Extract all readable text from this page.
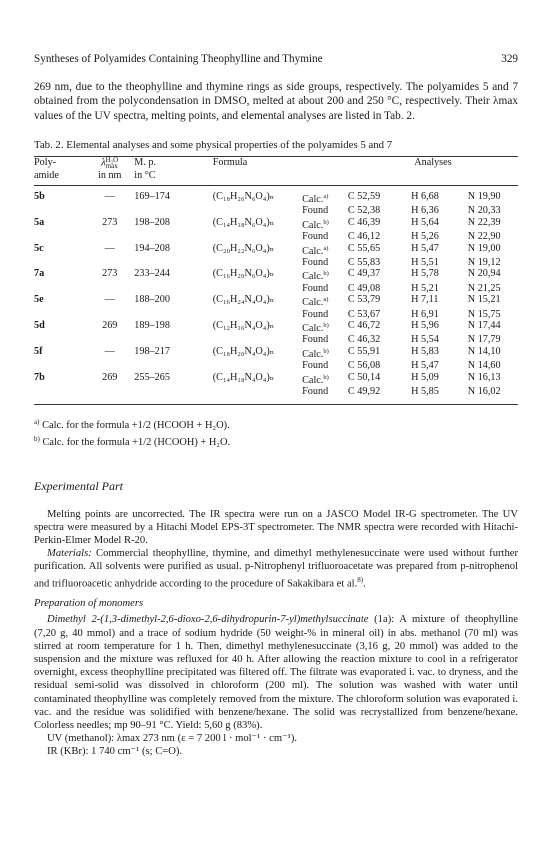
Syntheses of Polyamides Containing Theophylline and Thymine	329

269 nm, due to the theophylline and thymine rings as side groups, respectively. The polyamides 5 and 7 obtained from the polycondensation in DMSO, melted at about 200 and 250 °C, respectively. Their λmax values of the UV spectra, melting points, and elemental analyses are listed in Tab. 2.

Tab. 2. Elemental analyses and some physical properties of the polyamides 5 and 7
Poly-	λ H₂O
max	M. p.	Formula		Analyses		
amide	in nm	in °C					

5b	—	169–174	(C₁₈H₂₆N₆O₄)ₙ	Calc.$^{a)}$	C 52,59	H 6,68	N 19,90
				Found	C 52,38	H 6,36	N 20,33
5a	273	198–208	(C₁₄H₁₈N₆O₄)ₙ	Calc.$^{b)}$	C 46,39	H 5,64	N 22,39
				Found	C 46,12	H 5,26	N 22,90
5c	—	194–208	(C₂₀H₂₂N₆O₄)ₙ	Calc.$^{a)}$	C 55,65	H 5,47	N 19,00
				Found	C 55,83	H 5,51	N 19,12
7a	273	233–244	(C₁₆H₂₀N₆O₄)ₙ	Calc.$^{b)}$	C 49,37	H 5,78	N 20,94
				Found	C 49,08	H 5,21	N 21,25
5e	—	188–200	(C₁₆H₂₄N₄O₄)ₙ	Calc.$^{a)}$	C 53,79	H 7,11	N 15,21
				Found	C 53,67	H 6,91	N 15,75
5d	269	189–198	(C₁₂H₁₆N₄O₄)ₙ	Calc.$^{b)}$	C 46,72	H 5,96	N 17,44
				Found	C 46,32	H 5,54	N 17,79
5f	—	198–217	(C₁₈H₂₀N₄O₄)ₙ	Calc.$^{b)}$	C 55,91	H 5,83	N 14,10
				Found	C 56,08	H 5,47	N 14,60
7b	269	255–265	(C₁₄H₁₈N₄O₄)ₙ	Calc.$^{b)}$	C 50,14	H 5,09	N 16,13
				Found	C 49,92	H 5,85	N 16,02
$^{a)}$ Calc. for the formula +1/2 (HCOOH + H₂O).
$^{b)}$ Calc. for the formula +1/2 (HCOOH) + H₂O.
Experimental Part

Melting points are uncorrected. The IR spectra were run on a JASCO Model IR-G spectrometer. The UV spectra were measured by a Hitachi Model EPS-3T spectrometer. The NMR spectra were recorded with Hitachi-Perkin-Elmer Model R-20.

Materials: Commercial theophylline, thymine, and dimethyl methylenesuccinate were used without further purification. All solvents were purified as usual. p-Nitrophenyl trifluoroacetate was prepared from p-nitrophenol and trifluoroacetic anhydride according to the procedure of Sakakibara et al.$^{8)}$.

Preparation of monomers

Dimethyl 2-(1,3-dimethyl-2,6-dioxo-2,6-dihydropurin-7-yl)methylsuccinate (1a): A mixture of theophylline (7,20 g, 40 mmol) and a trace of sodium hydride (50 weight-% in mineral oil) in abs. methanol (70 ml) was stirred at room temperature for 1 h. Then, dimethyl methylenesuccinate (3,16 g, 20 mmol) was added to the suspension and the mixture was refluxed for 40 h. After allowing the reaction mixture to cool in a refrigerator overnight, excess theophylline precipitated was filtered off. The filtrate was evaporated i. vac. to dryness, and the residual semi-solid was dissolved in chloroform (200 ml). The solution was washed with water until contaminated theophylline was completely removed from the mixture. The chloroform solution was evaporated i. vac. and the residue was solidified with benzene/hexane. The solid was recrystallized from benzene/hexane. Colorless needles; mp 90–91 °C. Yield: 5,60 g (83%).

UV (methanol): λmax 273 nm (ε = 7 200 l · mol⁻¹ · cm⁻¹).

IR (KBr): 1 740 cm⁻¹ (s; C=O).
